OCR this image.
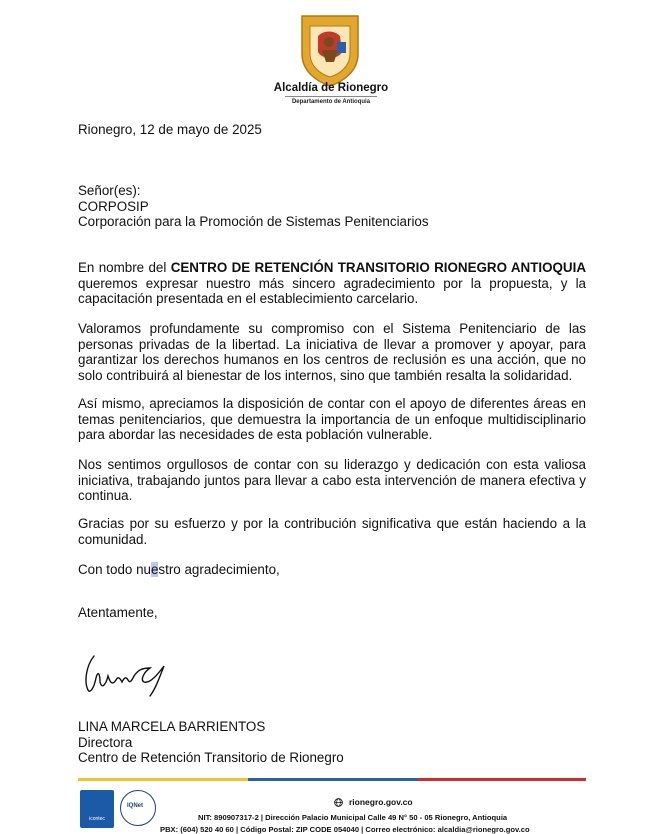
Alcaldía de Rionegro
Departamento de Antioquia
Rionegro, 12 de mayo de 2025
Señor(es):
CORPOSIP
Corporación para la Promoción de Sistemas Penitenciarios
En nombre del CENTRO DE RETENCIÓN TRANSITORIO RIONEGRO ANTIOQUIA queremos expresar nuestro más sincero agradecimiento por la propuesta, y la capacitación presentada en el establecimiento carcelario.
Valoramos profundamente su compromiso con el Sistema Penitenciario de las personas privadas de la libertad. La iniciativa de llevar a promover y apoyar, para garantizar los derechos humanos en los centros de reclusión es una acción, que no solo contribuirá al bienestar de los internos, sino que también resalta la solidaridad.
Así mismo, apreciamos la disposición de contar con el apoyo de diferentes áreas en temas penitenciarios, que demuestra la importancia de un enfoque multidisciplinario para abordar las necesidades de esta población vulnerable.
Nos sentimos orgullosos de contar con su liderazgo y dedicación con esta valiosa iniciativa, trabajando juntos para llevar a cabo esta intervención de manera efectiva y continua.
Gracias por su esfuerzo y por la contribución significativa que están haciendo a la comunidad.
Con todo nuestro agradecimiento,
Atentamente,
LINA MARCELA BARRIENTOS
Directora
Centro de Retención Transitorio de Rionegro
icontec
IQNet	rionegro.gov.co
NIT: 890907317-2 | Dirección Palacio Municipal Calle 49 N° 50 - 05 Rionegro, Antioquia
PBX: (604) 520 40 60 | Código Postal: ZIP CODE 054040 | Correo electrónico: alcaldia@rionegro.gov.co
